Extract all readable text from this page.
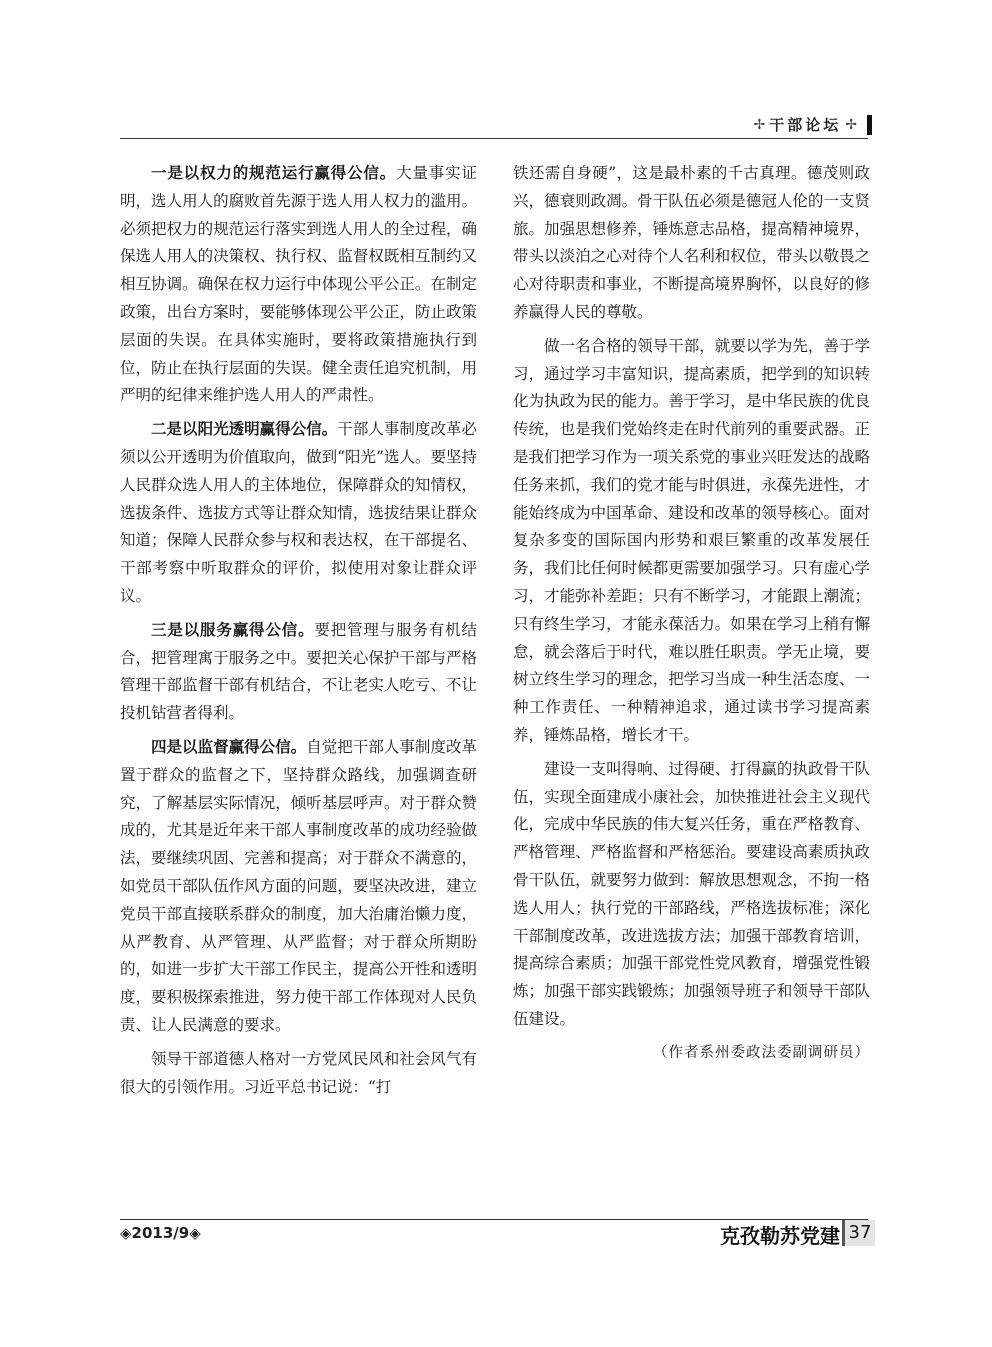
✢ 干部论坛 ✢

一是以权力的规范运行赢得公信。大量事实证明，选人用人的腐败首先源于选人用人权力的滥用。必须把权力的规范运行落实到选人用人的全过程，确保选人用人的决策权、执行权、监督权既相互制约又相互协调。确保在权力运行中体现公平公正。在制定政策，出台方案时，要能够体现公平公正，防止政策层面的失误。在具体实施时，要将政策措施执行到位，防止在执行层面的失误。健全责任追究机制，用严明的纪律来维护选人用人的严肃性。

二是以阳光透明赢得公信。干部人事制度改革必须以公开透明为价值取向，做到“阳光”选人。要坚持人民群众选人用人的主体地位，保障群众的知情权，选拔条件、选拔方式等让群众知情，选拔结果让群众知道；保障人民群众参与权和表达权，在干部提名、干部考察中听取群众的评价，拟使用对象让群众评议。

三是以服务赢得公信。要把管理与服务有机结合，把管理寓于服务之中。要把关心保护干部与严格管理干部监督干部有机结合，不让老实人吃亏、不让投机钻营者得利。

四是以监督赢得公信。自觉把干部人事制度改革置于群众的监督之下，坚持群众路线，加强调查研究，了解基层实际情况，倾听基层呼声。对于群众赞成的，尤其是近年来干部人事制度改革的成功经验做法，要继续巩固、完善和提高；对于群众不满意的，如党员干部队伍作风方面的问题，要坚决改进，建立党员干部直接联系群众的制度，加大治庸治懒力度，从严教育、从严管理、从严监督；对于群众所期盼的，如进一步扩大干部工作民主，提高公开性和透明度，要积极探索推进，努力使干部工作体现对人民负责、让人民满意的要求。

领导干部道德人格对一方党风民风和社会风气有很大的引领作用。习近平总书记说：“打

铁还需自身硬”，这是最朴素的千古真理。德茂则政兴，德衰则政凋。骨干队伍必须是德冠人伦的一支贤旅。加强思想修养，锤炼意志品格，提高精神境界，带头以淡泊之心对待个人名利和权位，带头以敬畏之心对待职责和事业，不断提高境界胸怀，以良好的修养赢得人民的尊敬。

做一名合格的领导干部，就要以学为先，善于学习，通过学习丰富知识，提高素质，把学到的知识转化为执政为民的能力。善于学习，是中华民族的优良传统，也是我们党始终走在时代前列的重要武器。正是我们把学习作为一项关系党的事业兴旺发达的战略任务来抓，我们的党才能与时俱进，永葆先进性，才能始终成为中国革命、建设和改革的领导核心。面对复杂多变的国际国内形势和艰巨繁重的改革发展任务，我们比任何时候都更需要加强学习。只有虚心学习，才能弥补差距；只有不断学习，才能跟上潮流；只有终生学习，才能永葆活力。如果在学习上稍有懈怠，就会落后于时代，难以胜任职责。学无止境，要树立终生学习的理念，把学习当成一种生活态度、一种工作责任、一种精神追求，通过读书学习提高素养，锤炼品格，增长才干。

建设一支叫得响、过得硬、打得赢的执政骨干队伍，实现全面建成小康社会，加快推进社会主义现代化，完成中华民族的伟大复兴任务，重在严格教育、严格管理、严格监督和严格惩治。要建设高素质执政骨干队伍，就要努力做到：解放思想观念，不拘一格选人用人；执行党的干部路线，严格选拔标准；深化干部制度改革，改进选拔方法；加强干部教育培训，提高综合素质；加强干部党性党风教育，增强党性锻炼；加强干部实践锻炼；加强领导班子和领导干部队伍建设。

（作者系州委政法委副调研员）

◈2013/9◈	克孜勒苏党建 37
